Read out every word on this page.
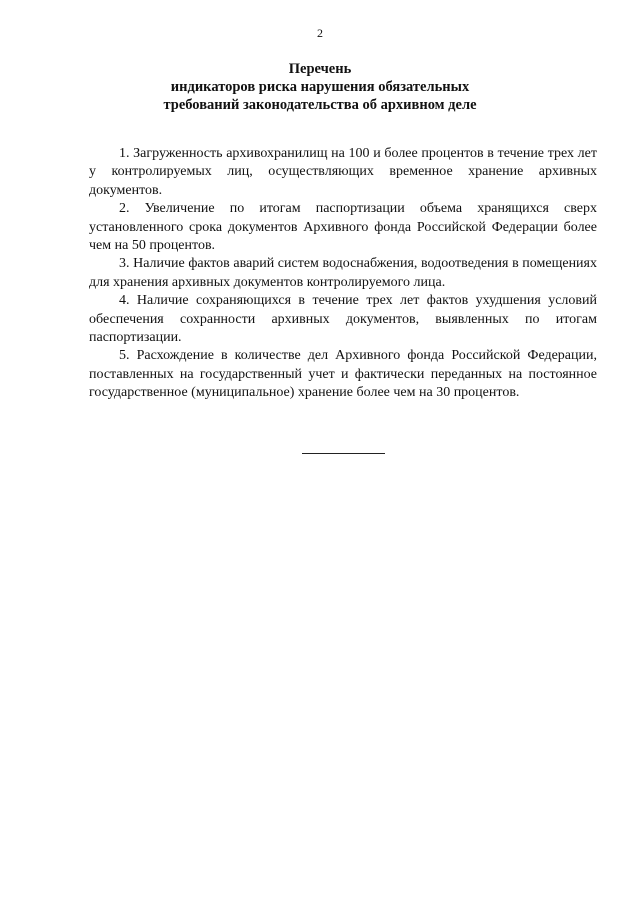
2
Перечень
индикаторов риска нарушения обязательных
требований законодательства об архивном деле

1. Загруженность архивохранилищ на 100 и более процентов в течение трех лет у контролируемых лиц, осуществляющих временное хранение архивных документов.

2. Увеличение по итогам паспортизации объема хранящихся сверх установленного срока документов Архивного фонда Российской Федерации более чем на 50 процентов.

3. Наличие фактов аварий систем водоснабжения, водоотведения в помещениях для хранения архивных документов контролируемого лица.

4. Наличие сохраняющихся в течение трех лет фактов ухудшения условий обеспечения сохранности архивных документов, выявленных по итогам паспортизации.

5. Расхождение в количестве дел Архивного фонда Российской Федерации, поставленных на государственный учет и фактически переданных на постоянное государственное (муниципальное) хранение более чем на 30 процентов.
